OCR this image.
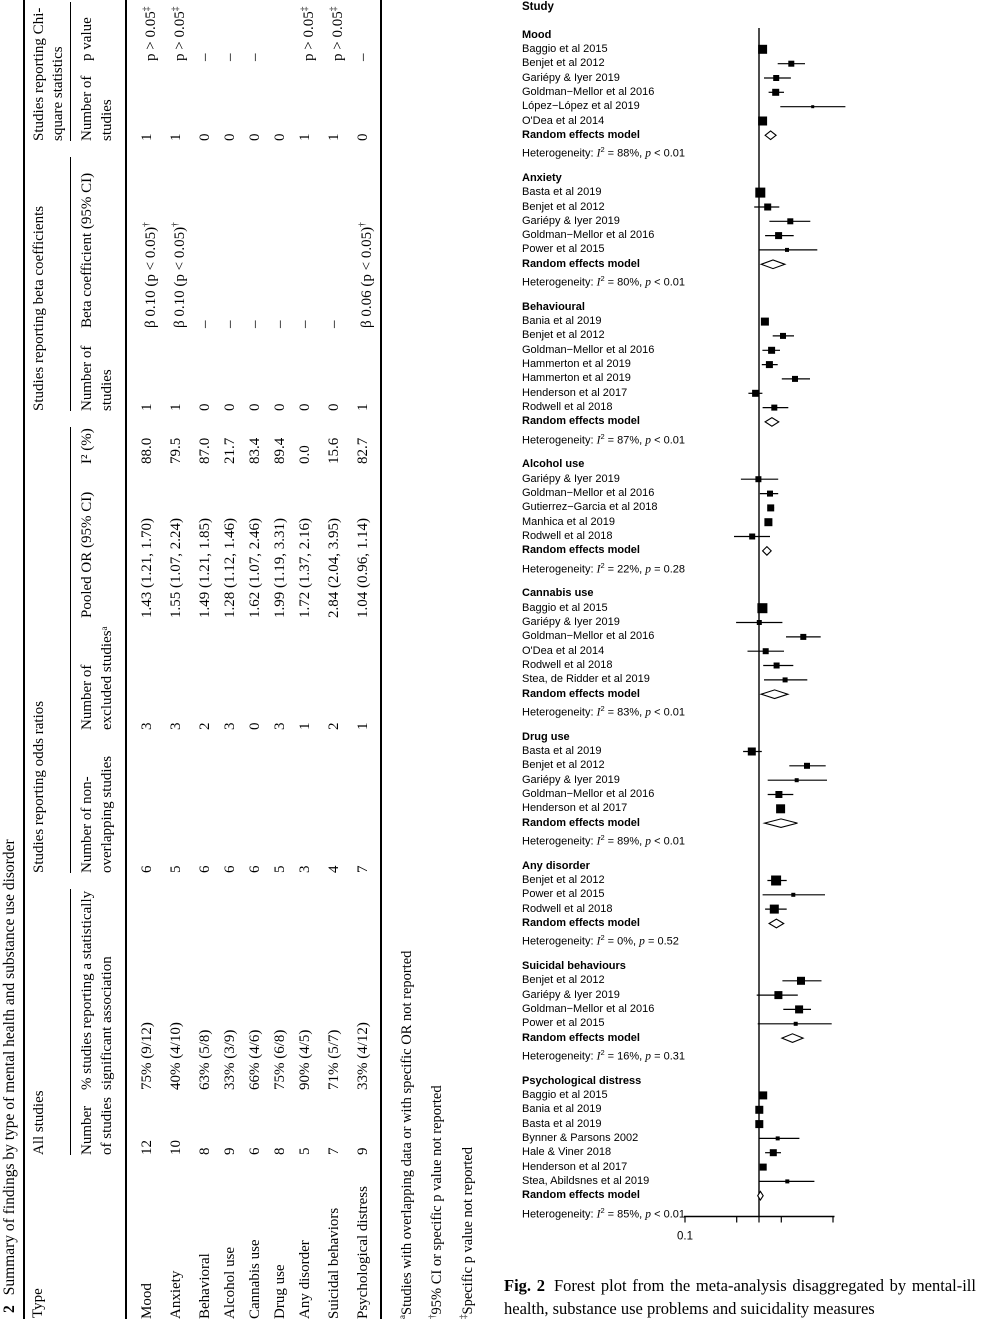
2Summary of findings by type of mental health and substance use disorder
Type	All studies		Studies reporting odds ratios				Studies reporting beta coefficients		Studies reporting Chi-square statistics	

	Number of studies	% studies reporting a statistically significant association	Number of non-overlapping studies	Number of excluded studiesᵃ	Pooled OR (95% CI)	I² (%)	Number of studies	Beta coefficient (95% CI)	Number of studies	p value
Mood	12	75% (9/12)	6	3	1.43 (1.21, 1.70)	88.0	1	β 0.10 (p < 0.05)†	1	p > 0.05‡
Anxiety	10	40% (4/10)	5	3	1.55 (1.07, 2.24)	79.5	1	β 0.10 (p < 0.05)†	1	p > 0.05‡
Behavioral	8	63% (5/8)	6	2	1.49 (1.21, 1.85)	87.0	0	–	0	–
Alcohol use	9	33% (3/9)	6	3	1.28 (1.12, 1.46)	21.7	0	–	0	–
Cannabis use	6	66% (4/6)	6	0	1.62 (1.07, 2.46)	83.4	0	–	0	–
Drug use	8	75% (6/8)	5	3	1.99 (1.19, 3.31)	89.4	0	–	0	
Any disorder	5	90% (4/5)	3	1	1.72 (1.37, 2.16)	0.0	0	–	1	p > 0.05‡
Suicidal behaviors	7	71% (5/7)	4	2	2.84 (2.04, 3.95)	15.6	0	–	1	p > 0.05‡
Psychological distress	9	33% (4/12)	7	1	1.04 (0.96, 1.14)	82.7	1	β 0.06 (p < 0.05)†	0	–
$^a$Studies with overlapping data or with specific OR not reported
†95% CI or specific p value not reported
‡Specific p value not reported
Study
0.1
Mood
Baggio et al 2015
Benjet et al 2012
Gariépy & Iyer 2019
Goldman−Mellor et al 2016
López−López et al 2019
O'Dea et al 2014
Random effects model
Heterogeneity: $I^2 = 88\%$, p < 0.01
Anxiety
Basta et al 2019
Benjet et al 2012
Gariépy & Iyer 2019
Goldman−Mellor et al 2016
Power et al 2015
Random effects model
Heterogeneity: $I^2 = 80\%$, p < 0.01
Behavioural
Bania et al 2019
Benjet et al 2012
Goldman−Mellor et al 2016
Hammerton et al 2019
Hammerton et al 2019
Henderson et al 2017
Rodwell et al 2018
Random effects model
Heterogeneity: $I^2 = 87\%$, p < 0.01
Alcohol use
Gariépy & Iyer 2019
Goldman−Mellor et al 2016
Gutierrez−Garcia et al 2018
Manhica et al 2019
Rodwell et al 2018
Random effects model
Heterogeneity: $I^2 = 22\%$, p = 0.28
Cannabis use
Baggio et al 2015
Gariépy & Iyer 2019
Goldman−Mellor et al 2016
O'Dea et al 2014
Rodwell et al 2018
Stea, de Ridder et al 2019
Random effects model
Heterogeneity: $I^2 = 83\%$, p < 0.01
Drug use
Basta et al 2019
Benjet et al 2012
Gariépy & Iyer 2019
Goldman−Mellor et al 2016
Henderson et al 2017
Random effects model
Heterogeneity: $I^2 = 89\%$, p < 0.01
Any disorder
Benjet et al 2012
Power et al 2015
Rodwell et al 2018
Random effects model
Heterogeneity: $I^2 = 0\%$, p = 0.52
Suicidal behaviours
Benjet et al 2012
Gariépy & Iyer 2019
Goldman−Mellor et al 2016
Power et al 2015
Random effects model
Heterogeneity: $I^2 = 16\%$, p = 0.31
Psychological distress
Baggio et al 2015
Bania et al 2019
Basta et al 2019
Bynner & Parsons 2002
Hale & Viner 2018
Henderson et al 2017
Stea, Abildsnes et al 2019
Random effects model
Heterogeneity: $I^2 = 85\%$, p < 0.01
Fig. 2 Forest plot from the meta-analysis disaggregated by mental-ill health, substance use problems and suicidality measures
